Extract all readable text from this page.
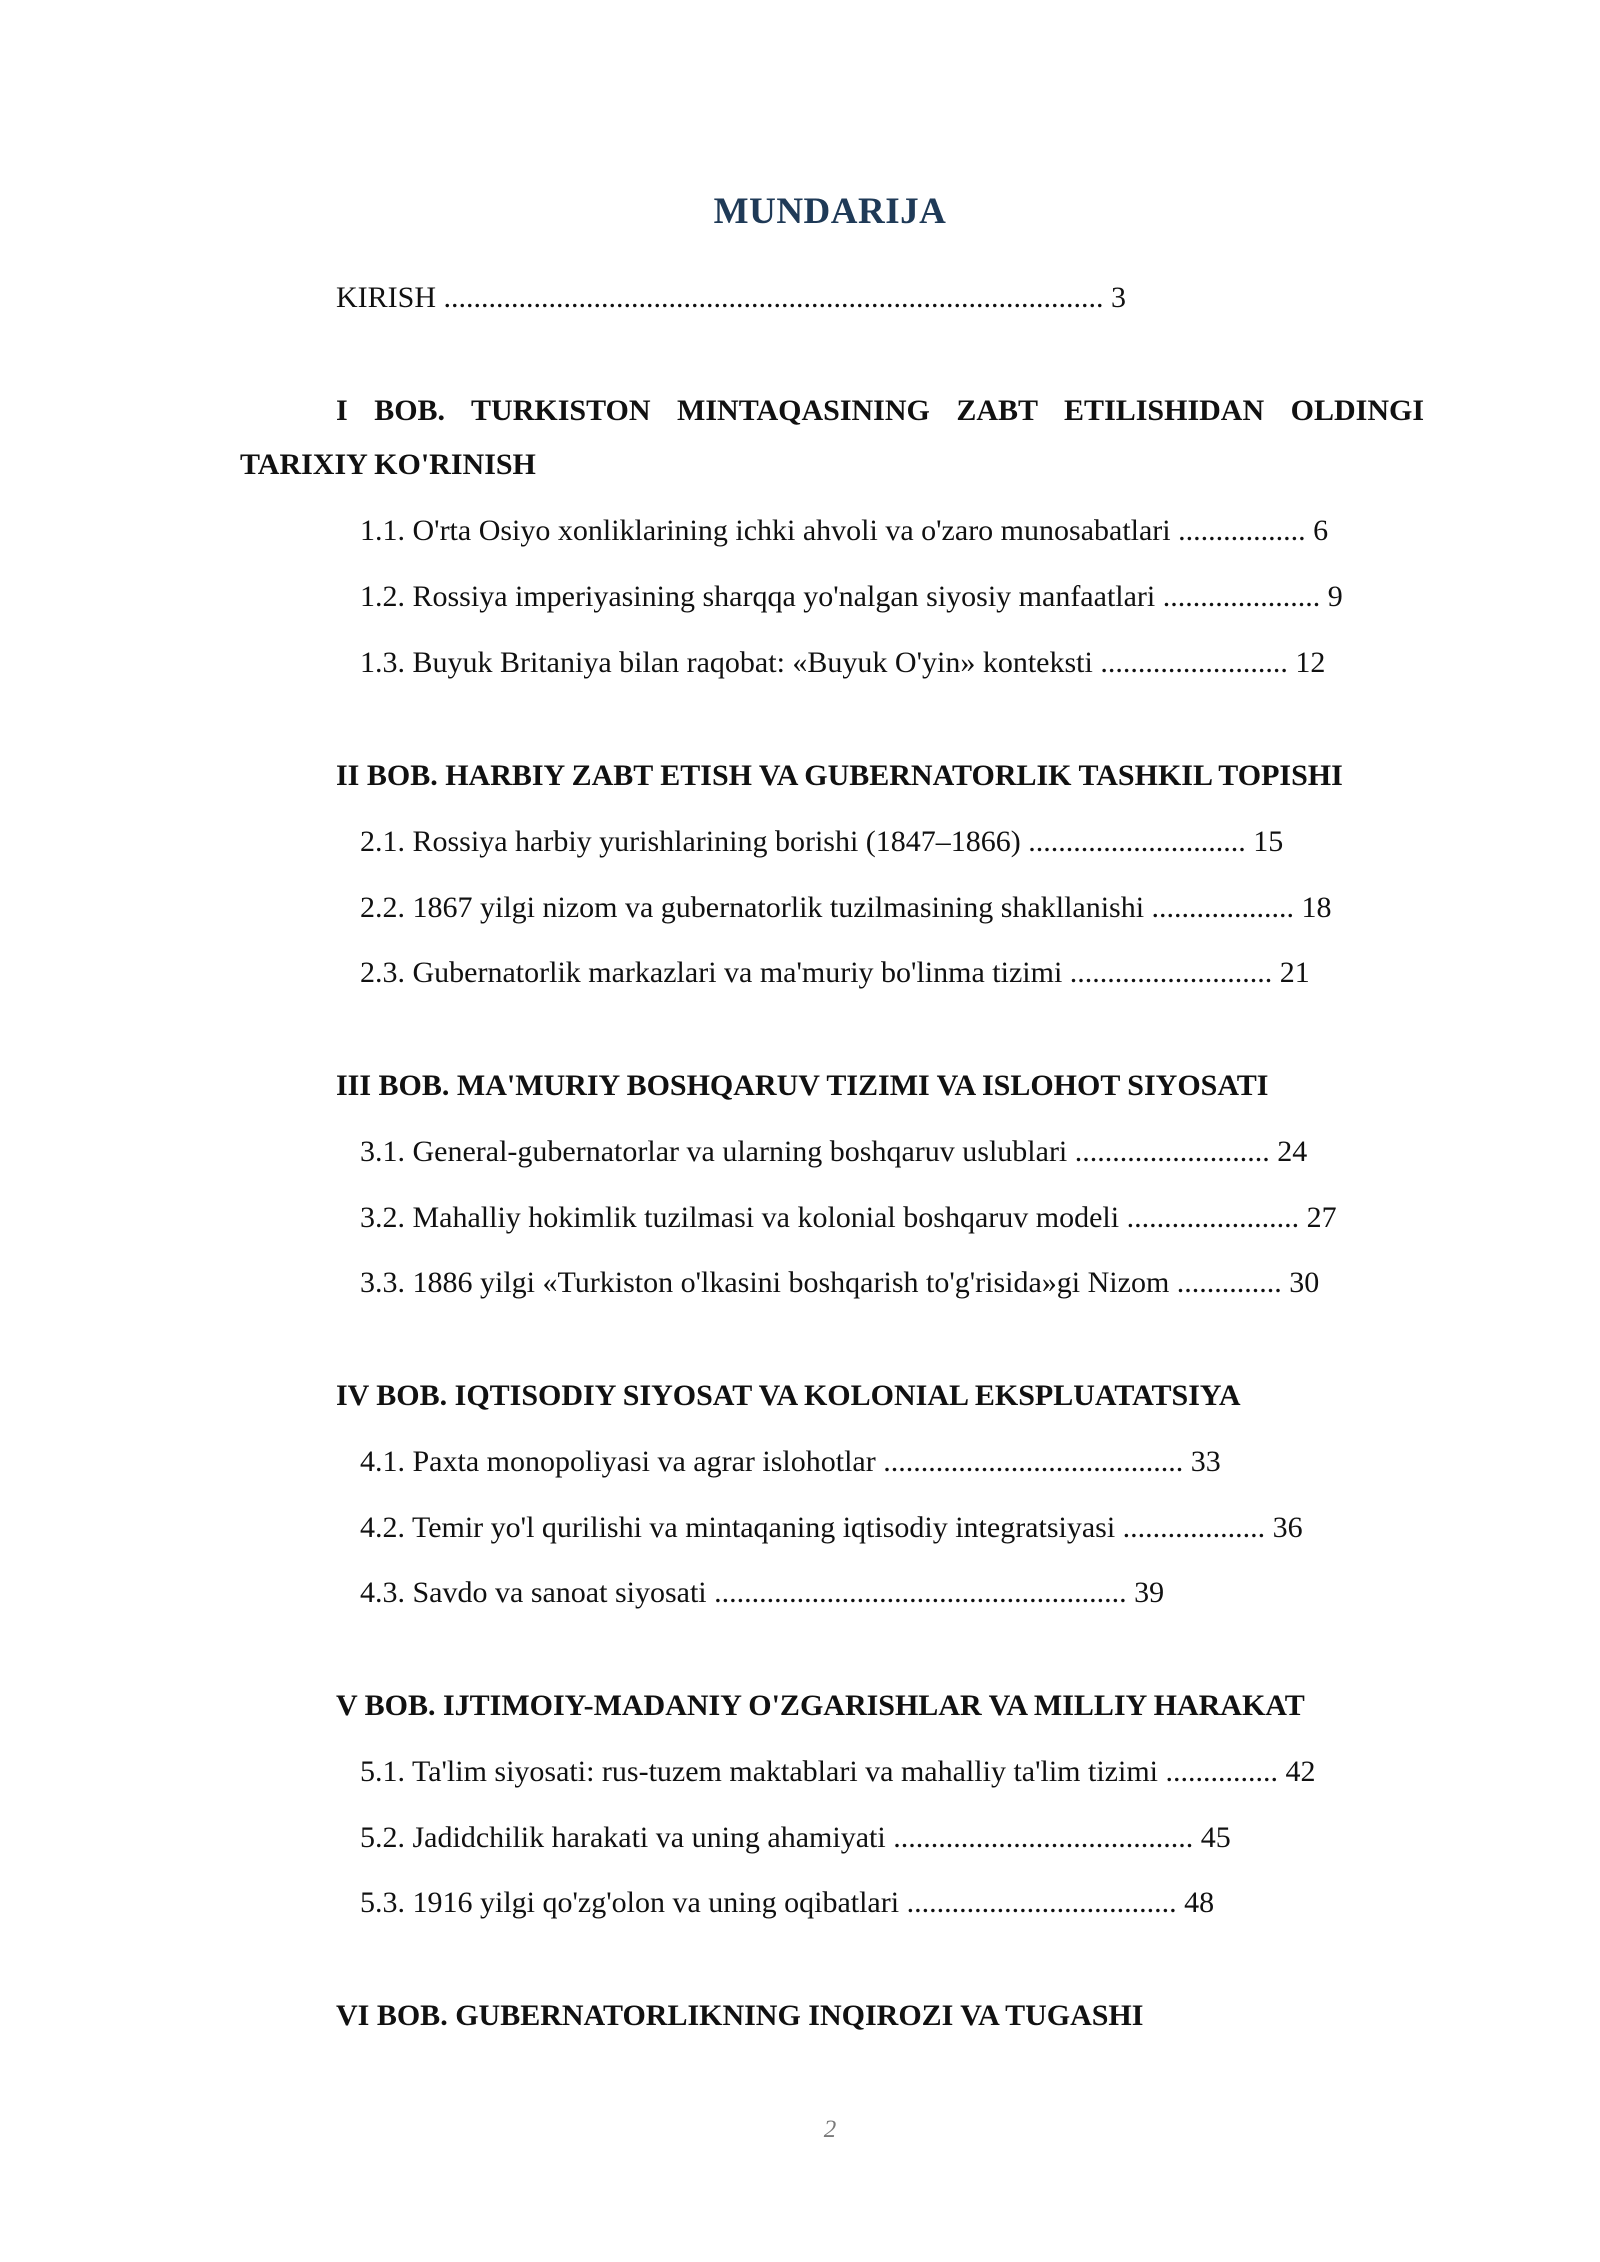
MUNDARIJA

KIRISH ........................................................................................ 3

I BOB. TURKISTON MINTAQASINING ZABT ETILISHIDAN OLDINGI

TARIXIY KO'RINISH

1.1. O'rta Osiyo xonliklarining ichki ahvoli va o'zaro munosabatlari ................. 6

1.2. Rossiya imperiyasining sharqqa yo'nalgan siyosiy manfaatlari ..................... 9

1.3. Buyuk Britaniya bilan raqobat: «Buyuk O'yin» konteksti ......................... 12

II BOB. HARBIY ZABT ETISH VA GUBERNATORLIK TASHKIL TOPISHI

2.1. Rossiya harbiy yurishlarining borishi (1847–1866) ............................. 15

2.2. 1867 yilgi nizom va gubernatorlik tuzilmasining shakllanishi ................... 18

2.3. Gubernatorlik markazlari va ma'muriy bo'linma tizimi ........................... 21

III BOB. MA'MURIY BOSHQARUV TIZIMI VA ISLOHOT SIYOSATI

3.1. General-gubernatorlar va ularning boshqaruv uslublari .......................... 24

3.2. Mahalliy hokimlik tuzilmasi va kolonial boshqaruv modeli ....................... 27

3.3. 1886 yilgi «Turkiston o'lkasini boshqarish to'g'risida»gi Nizom .............. 30

IV BOB. IQTISODIY SIYOSAT VA KOLONIAL EKSPLUATATSIYA

4.1. Paxta monopoliyasi va agrar islohotlar ........................................ 33

4.2. Temir yo'l qurilishi va mintaqaning iqtisodiy integratsiyasi ................... 36

4.3. Savdo va sanoat siyosati ....................................................... 39

V BOB. IJTIMOIY-MADANIY O'ZGARISHLAR VA MILLIY HARAKAT

5.1. Ta'lim siyosati: rus-tuzem maktablari va mahalliy ta'lim tizimi ............... 42

5.2. Jadidchilik harakati va uning ahamiyati ........................................ 45

5.3. 1916 yilgi qo'zg'olon va uning oqibatlari .................................... 48

VI BOB. GUBERNATORLIKNING INQIROZI VA TUGASHI

2
